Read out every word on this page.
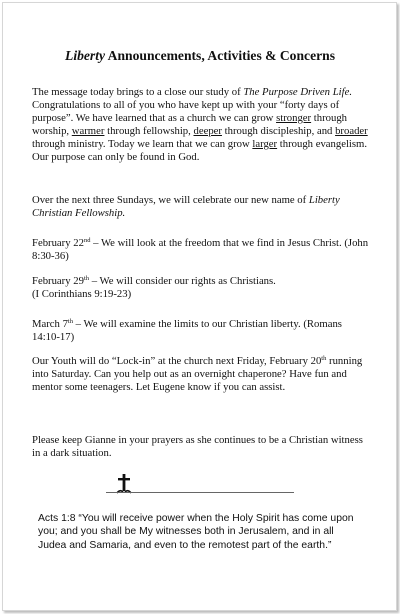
Liberty Announcements, Activities & Concerns
The message today brings to a close our study of The Purpose Driven Life. Congratulations to all of you who have kept up with your “forty days of purpose”. We have learned that as a church we can grow stronger through worship, warmer through fellowship, deeper through discipleship, and broader through ministry. Today we learn that we can grow larger through evangelism. Our purpose can only be found in God.
Over the next three Sundays, we will celebrate our new name of Liberty Christian Fellowship.
February 22nd – We will look at the freedom that we find in Jesus Christ. (John 8:30-36)
February 29th – We will consider our rights as Christians.
(I Corinthians 9:19-23)
March 7th – We will examine the limits to our Christian liberty. (Romans 14:10-17)
Our Youth will do “Lock-in” at the church next Friday, February 20th running into Saturday. Can you help out as an overnight chaperone? Have fun and mentor some teenagers. Let Eugene know if you can assist.
Please keep Gianne in your prayers as she continues to be a Christian witness in a dark situation.
Acts 1:8 “You will receive power when the Holy Spirit has come upon you; and you shall be My witnesses both in Jerusalem, and in all Judea and Samaria, and even to the remotest part of the earth.”
